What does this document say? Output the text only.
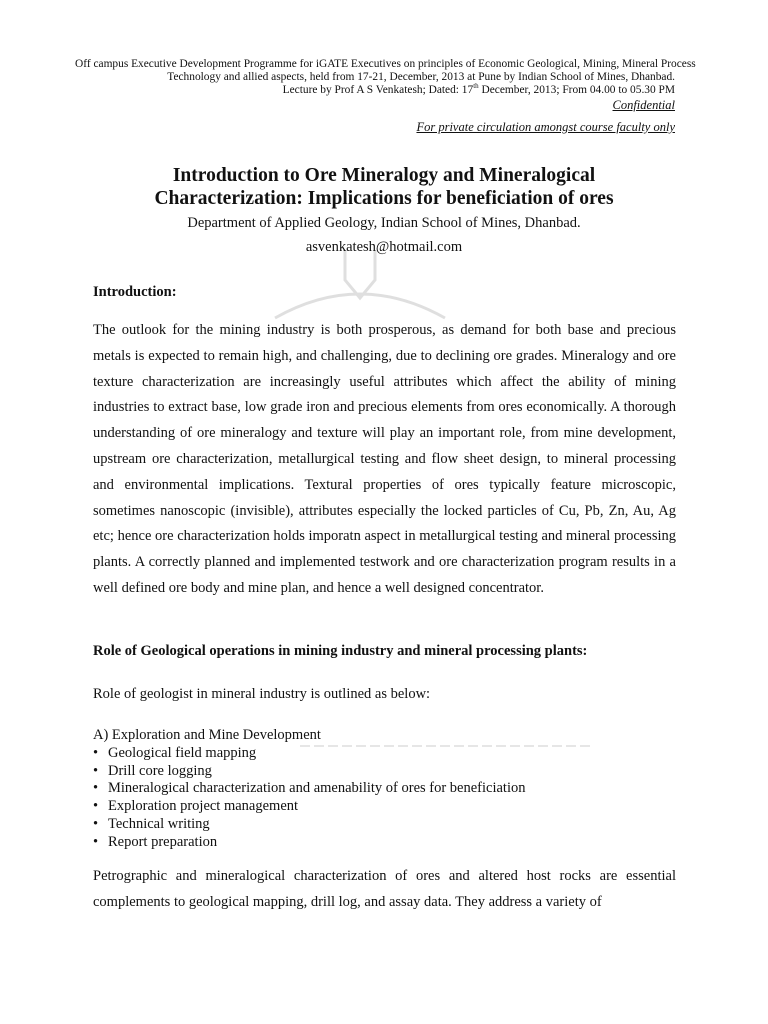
Off campus Executive Development Programme for iGATE Executives on principles of Economic Geological, Mining, Mineral Process
Technology and allied aspects, held from 17-21, December, 2013 at Pune by Indian School of Mines, Dhanbad.
Lecture by Prof A S Venkatesh; Dated: 17th December, 2013; From 04.00 to 05.30 PM
Confidential
For private circulation amongst course faculty only
Introduction to Ore Mineralogy and Mineralogical
Characterization: Implications for beneficiation of ores
Department of Applied Geology, Indian School of Mines, Dhanbad.
asvenkatesh@hotmail.com
Introduction:
The outlook for the mining industry is both prosperous, as demand for both base and precious metals is expected to remain high, and challenging, due to declining ore grades. Mineralogy and ore texture characterization are increasingly useful attributes which affect the ability of mining industries to extract base, low grade iron and precious elements from ores economically. A thorough understanding of ore mineralogy and texture will play an important role, from mine development, upstream ore characterization, metallurgical testing and flow sheet design, to mineral processing and environmental implications. Textural properties of ores typically feature microscopic, sometimes nanoscopic (invisible), attributes especially the locked particles of Cu, Pb, Zn, Au, Ag etc; hence ore characterization holds imporatn aspect in metallurgical testing and mineral processing plants. A correctly planned and implemented testwork and ore characterization program results in a well defined ore body and mine plan, and hence a well designed concentrator.
Role of Geological operations in mining industry and mineral processing plants:
Role of geologist in mineral industry is outlined as below:
A) Exploration and Mine Development
• Geological field mapping
• Drill core logging
• Mineralogical characterization and amenability of ores for beneficiation
• Exploration project management
• Technical writing
• Report preparation
Petrographic and mineralogical characterization of ores and altered host rocks are essential complements to geological mapping, drill log, and assay data. They address a variety of
